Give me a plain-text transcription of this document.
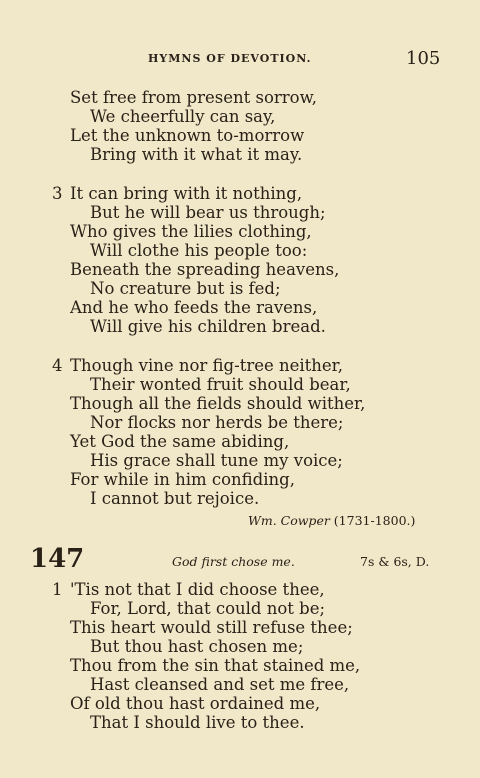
HYMNS OF DEVOTION.	105
Set free from present sorrow,
We cheerfully can say,
Let the unknown to-morrow
Bring with it what it may.
3 It can bring with it nothing,
But he will bear us through;
Who gives the lilies clothing,
Will clothe his people too:
Beneath the spreading heavens,
No creature but is fed;
And he who feeds the ravens,
Will give his children bread.
4 Though vine nor fig-tree neither,
Their wonted fruit should bear,
Though all the fields should wither,
Nor flocks nor herds be there;
Yet God the same abiding,
His grace shall tune my voice;
For while in him confiding,
I cannot but rejoice.
Wm. Cowper (1731-1800.)
147	God first chose me.	7s & 6s, D.
1 'Tis not that I did choose thee,
For, Lord, that could not be;
This heart would still refuse thee;
But thou hast chosen me;
Thou from the sin that stained me,
Hast cleansed and set me free,
Of old thou hast ordained me,
That I should live to thee.
